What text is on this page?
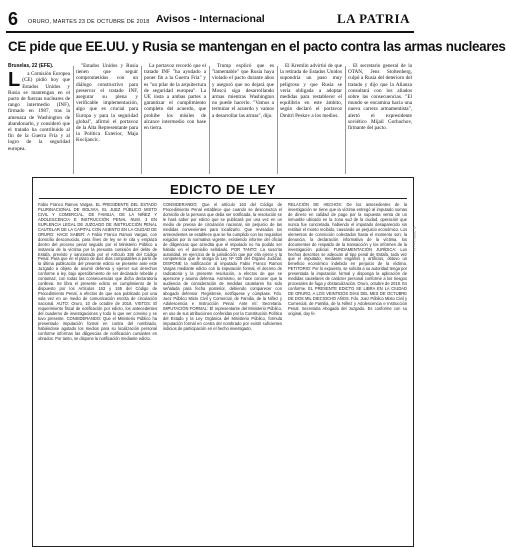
6 ORURO, MARTES 23 DE OCTUBRE DE 2018 Avisos - Internacional	LA PATRIA
CE pide que EE.UU. y Rusia se mantengan en el pacto contra las armas nucleares
Bruselas, 22 (EFE).
L	a Comisión Europea (CE) pidió hoy que Estados Unidos y Rusia se mantengan en el pacto de fuerzas nucleares de rango intermedio (INF), firmado en 1987, tras la amenaza de Washington de abandonarlo, y consideró que el tratado ha contribuido al fin de la Guerra Fría y al logro de la seguridad europea.

"Estados Unidos y Rusia tienen que seguir comprometidos con un diálogo constructivo para preservar el tratado INF, asegurar su plena y verificable implementación, algo que es crucial para Europa y para la seguridad global", afirmó el portavoz de la Alta Representante para la Política Exterior, Maja Kocijancic.

La portavoz recordó que el tratado INF "ha ayudado a poner fin a la Guerra Fría" y es "un pilar de la arquitectura de seguridad europea". La UE insta a ambas partes a garantizar el cumplimiento completo del acuerdo, que prohíbe los misiles de alcance intermedio con base en tierra.

Trump explicó que es "lamentable" que Rusia haya violado el pacto durante años y aseguró que no dejará que Moscú siga desarrollando armas mientras Washington no puede hacerlo. "Vamos a terminar el acuerdo y vamos a desarrollar las armas", dijo.

El Kremlin advirtió de que la retirada de Estados Unidos supondría un paso muy peligroso y que Rusia se vería obligada a adoptar medidas para restablecer el equilibrio en este ámbito, según declaró el portavoz Dmitri Peskov a los medios.

El secretario general de la OTAN, Jens Stoltenberg, culpó a Rusia del deterioro del tratado y dijo que la Alianza consultará con los aliados sobre las consecuencias. "El mundo se encamina hacia una nueva carrera armamentista", alertó el expresidente soviético Mijaíl Gorbachov, firmante del pacto.

EDICTO DE LEY

Fabio Franco Ramos Vargas. EL PRESIDENTE DEL ESTADO PLURINACIONAL DE BOLIVIA, EL JUEZ PÚBLICO MIXTO CIVIL Y COMERCIAL, DE FAMILIA, DE LA NIÑEZ Y ADOLESCENCIA E INSTRUCCIÓN PENAL NUM. 3 EN SUPLENCIA LEGAL DE JUZGADO DE INSTRUCCIÓN PENAL CAUTELAR DE LA CAPITAL CON ASIENTO EN LA CIUDAD DE ORURO: HACE SABER: A Fabio Franco Ramos Vargas, con domicilio desconocido, para fines de ley se le cita y emplaza dentro del proceso penal seguido por el Ministerio Público a instancia de la víctima por la presunta comisión del delito de Estafa, previsto y sancionado por el Artículo 335 del Código Penal. Para que en el plazo de diez días computables a partir de la última publicación del presente edicto se presente ante este Juzgado a objeto de asumir defensa y ejercer sus derechos conforme a ley, bajo apercibimiento de ser declarado rebelde y contumaz, con todas las consecuencias que dicha declaratoria conlleva. Se libra el presente edicto en cumplimiento de lo dispuesto por los Artículos 163 y 165 del Código de Procedimiento Penal, a efectos de que sea publicado por una sola vez en un medio de comunicación escrita de circulación nacional. AUTO: Oruro, 10 de octubre de 2018. VISTOS: El requerimiento fiscal de notificación por edicto, los antecedentes del cuaderno de investigaciones y todo lo que ver convino y se tuvo presente. CONSIDERANDO: Que el Ministerio Público ha presentado imputación formal en contra del nombrado, habiéndose agotado los medios para su localización personal conforme informan las diligencias de notificación cursantes en obrados. Por tanto, se dispone la notificación mediante edicto.

CONSIDERANDO: Que el artículo 163 del Código de Procedimiento Penal establece que cuando se desconozca el domicilio de la persona que deba ser notificada, la resolución se le hará saber por edicto que se publicará por una vez en un medio de prensa de circulación nacional, sin perjuicio de las medidas convenientes para localizarlo. Que revisados los antecedentes se establece que se ha cumplido con los requisitos exigidos por la normativa vigente, existiendo informe del oficial de diligencias que acredita que el imputado no ha podido ser habido en el domicilio señalado. POR TANTO: La suscrita autoridad, en ejercicio de la jurisdicción que por ella ejerce y la competencia que le otorga la Ley Nº 025 del Órgano Judicial, DISPONE la notificación al imputado Fabio Franco Ramos Vargas mediante edicto con la imputación formal, el decreto de radicatoria y la presente resolución, a efectos de que se apersone y asuma defensa. Asimismo, se hace conocer que la audiencia de consideración de medidas cautelares ha sido señalada para fecha posterior, debiendo comparecer con abogado defensor. Regístrese, notifíquese y cúmplase. Fdo. Juez Público Mixto Civil y Comercial, de Familia, de la Niñez y Adolescencia e Instrucción Penal. Ante mí: Secretaria. IMPUTACIÓN FORMAL: El representante del Ministerio Público, en uso de sus atribuciones conferidas por la Constitución Política del Estado y la Ley Orgánica del Ministerio Público, formula imputación formal en contra del nombrado por existir suficientes indicios de participación en el hecho investigado.

RELACIÓN DE HECHOS: De los antecedentes de la investigación se tiene que la víctima entregó al imputado sumas de dinero en calidad de pago por la supuesta venta de un inmueble ubicado en la zona sud de la ciudad, operación que nunca fue concretada, habiendo el imputado desaparecido sin restituir el monto recibido, causando un perjuicio económico. Los elementos de convicción colectados hasta el momento son: la denuncia, la declaración informativa de la víctima, los documentos de respaldo de la transacción y los informes de la investigación policial. FUNDAMENTACIÓN JURÍDICA: Los hechos descritos se adecuan al tipo penal de Estafa, toda vez que el imputado, mediante engaños y artificios, obtuvo un beneficio económico indebido en perjuicio de la víctima. PETITORIO: Por lo expuesto, se solicita a su autoridad tenga por presentada la imputación formal y disponga la aplicación de medidas cautelares de carácter personal conforme a los riesgos procesales de fuga y obstaculización. Oruro, octubre de 2018. Es conforme. EL PRESENTE EDICTO SE LIBRA EN LA CIUDAD DE ORURO, A LOS VEINTIDÓS DÍAS DEL MES DE OCTUBRE DE DOS MIL DIECIOCHO AÑOS. Fdo. Juez Público Mixto Civil y Comercial, de Familia, de la Niñez y Adolescencia e Instrucción Penal. Secretaria Abogada del Juzgado. Es conforme con su original, doy fe.

G-0000 1a.U.L
